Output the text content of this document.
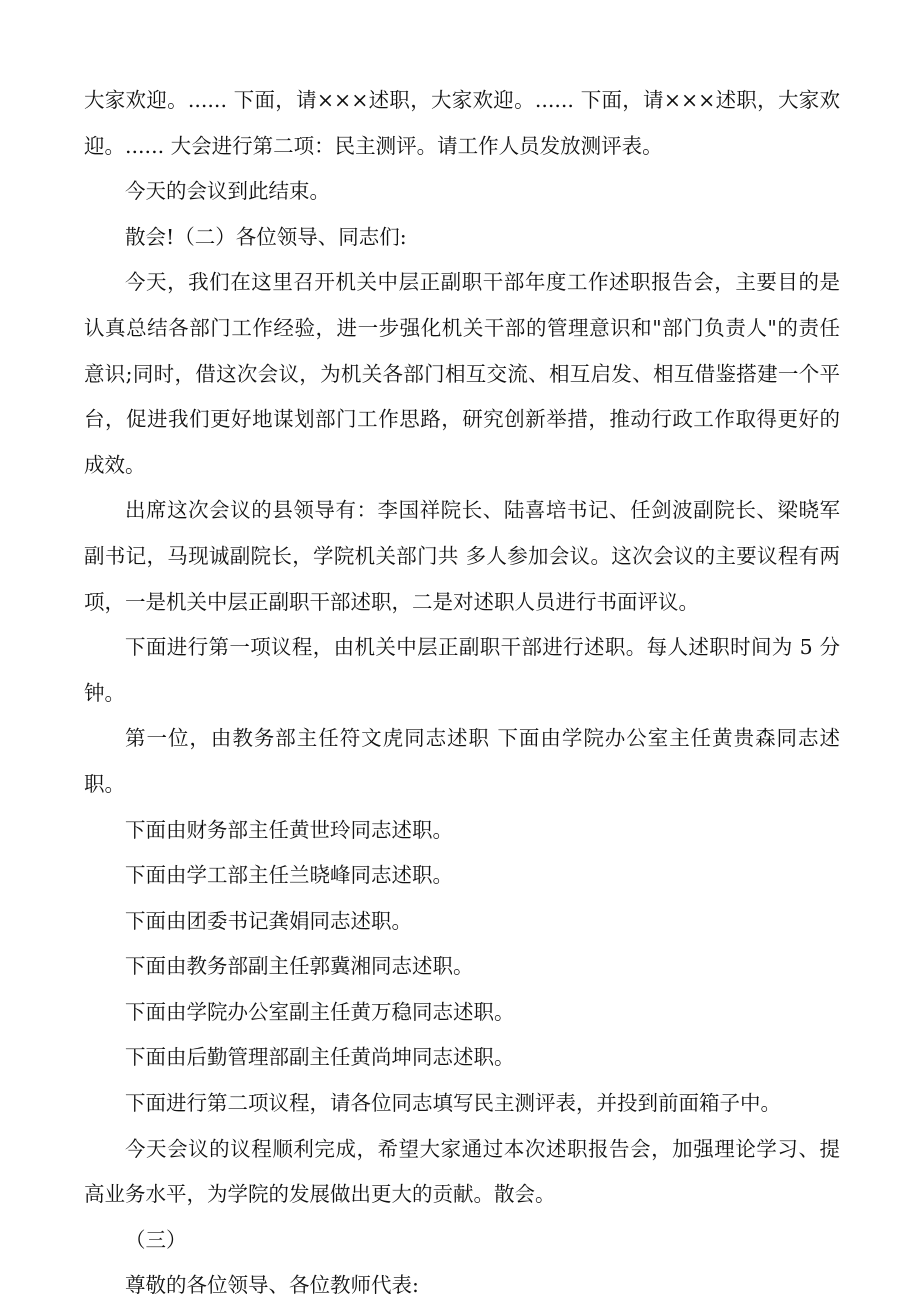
大家欢迎。...... 下面，请×××述职，大家欢迎。...... 下面，请×××述职，大家欢迎。...... 大会进行第二项：民主测评。请工作人员发放测评表。

今天的会议到此结束。

散会!（二）各位领导、同志们:

今天，我们在这里召开机关中层正副职干部年度工作述职报告会，主要目的是认真总结各部门工作经验，进一步强化机关干部的管理意识和"部门负责人"的责任意识;同时，借这次会议，为机关各部门相互交流、相互启发、相互借鉴搭建一个平台，促进我们更好地谋划部门工作思路，研究创新举措，推动行政工作取得更好的成效。

出席这次会议的县领导有：李国祥院长、陆喜培书记、任剑波副院长、梁晓军副书记，马现诚副院长，学院机关部门共 多人参加会议。这次会议的主要议程有两项，一是机关中层正副职干部述职，二是对述职人员进行书面评议。

下面进行第一项议程，由机关中层正副职干部进行述职。每人述职时间为 5 分钟。

第一位，由教务部主任符文虎同志述职 下面由学院办公室主任黄贵森同志述职。

下面由财务部主任黄世玲同志述职。

下面由学工部主任兰晓峰同志述职。

下面由团委书记龚娟同志述职。

下面由教务部副主任郭冀湘同志述职。

下面由学院办公室副主任黄万稳同志述职。

下面由后勤管理部副主任黄尚坤同志述职。

下面进行第二项议程，请各位同志填写民主测评表，并投到前面箱子中。

今天会议的议程顺利完成，希望大家通过本次述职报告会，加强理论学习、提高业务水平，为学院的发展做出更大的贡献。散会。

（三）

尊敬的各位领导、各位教师代表:
